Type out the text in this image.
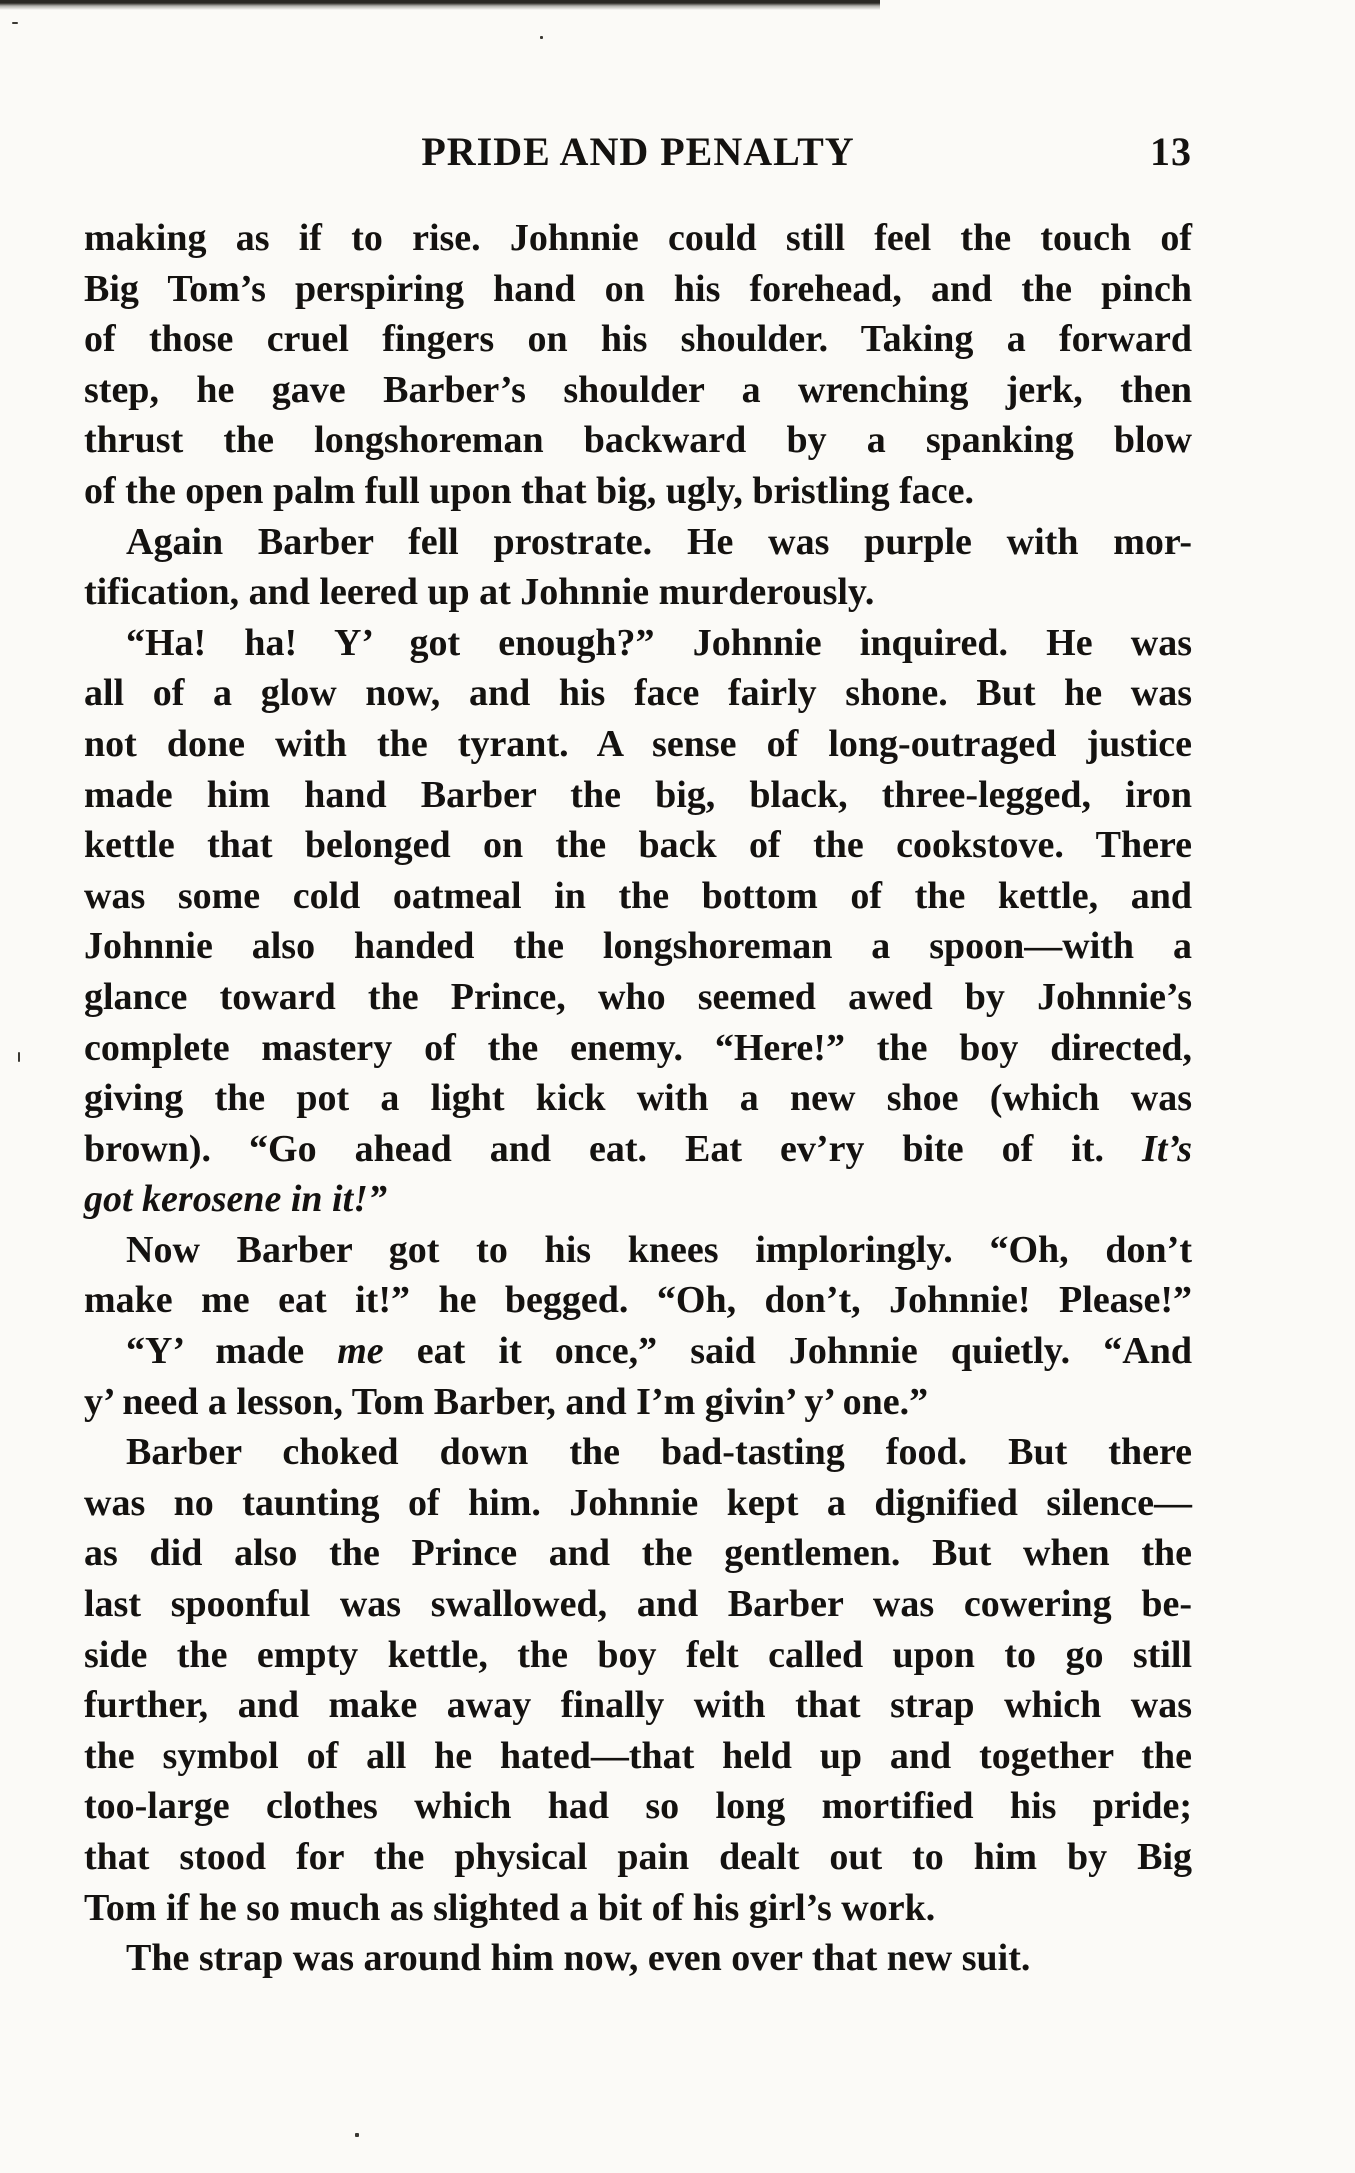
PRIDE AND PENALTY	13
making as if to rise. Johnnie could still feel the touch of
Big Tom’s perspiring hand on his forehead, and the pinch
of those cruel fingers on his shoulder. Taking a forward
step, he gave Barber’s shoulder a wrenching jerk, then
thrust the longshoreman backward by a spanking blow
of the open palm full upon that big, ugly, bristling face.
Again Barber fell prostrate. He was purple with mor-
tification, and leered up at Johnnie murderously.
“Ha! ha! Y’ got enough?” Johnnie inquired. He was
all of a glow now, and his face fairly shone. But he was
not done with the tyrant. A sense of long-outraged justice
made him hand Barber the big, black, three-legged, iron
kettle that belonged on the back of the cookstove. There
was some cold oatmeal in the bottom of the kettle, and
Johnnie also handed the longshoreman a spoon—with a
glance toward the Prince, who seemed awed by Johnnie’s
complete mastery of the enemy. “Here!” the boy directed,
giving the pot a light kick with a new shoe (which was
brown). “Go ahead and eat. Eat ev’ry bite of it. It’s
got kerosene in it!”
Now Barber got to his knees imploringly. “Oh, don’t
make me eat it!” he begged. “Oh, don’t, Johnnie! Please!”
“Y’ made me eat it once,” said Johnnie quietly. “And
y’ need a lesson, Tom Barber, and I’m givin’ y’ one.”
Barber choked down the bad-tasting food. But there
was no taunting of him. Johnnie kept a dignified silence—
as did also the Prince and the gentlemen. But when the
last spoonful was swallowed, and Barber was cowering be-
side the empty kettle, the boy felt called upon to go still
further, and make away finally with that strap which was
the symbol of all he hated—that held up and together the
too-large clothes which had so long mortified his pride;
that stood for the physical pain dealt out to him by Big
Tom if he so much as slighted a bit of his girl’s work.
The strap was around him now, even over that new suit.
